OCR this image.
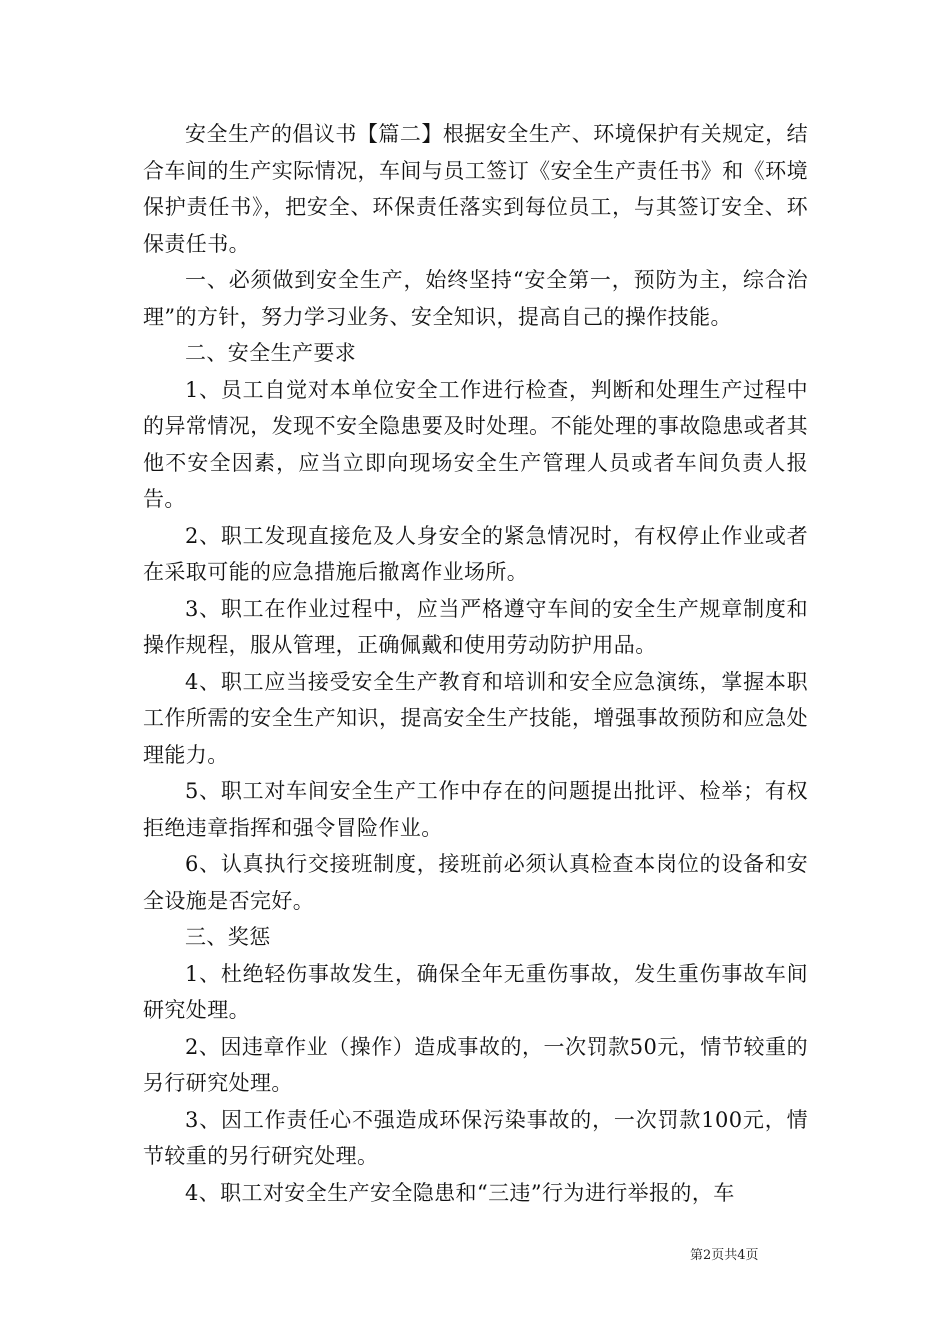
安全生产的倡议书【篇二】根据安全生产、环境保护有关规定，结合车间的生产实际情况，车间与员工签订《安全生产责任书》和《环境保护责任书》，把安全、环保责任落实到每位员工，与其签订安全、环保责任书。

一、必须做到安全生产，始终坚持“安全第一，预防为主，综合治理”的方针，努力学习业务、安全知识，提高自己的操作技能。

二、安全生产要求

1、员工自觉对本单位安全工作进行检查，判断和处理生产过程中的异常情况，发现不安全隐患要及时处理。不能处理的事故隐患或者其他不安全因素，应当立即向现场安全生产管理人员或者车间负责人报告。

2、职工发现直接危及人身安全的紧急情况时，有权停止作业或者在采取可能的应急措施后撤离作业场所。

3、职工在作业过程中，应当严格遵守车间的安全生产规章制度和操作规程，服从管理，正确佩戴和使用劳动防护用品。

4、职工应当接受安全生产教育和培训和安全应急演练，掌握本职工作所需的安全生产知识，提高安全生产技能，增强事故预防和应急处理能力。

5、职工对车间安全生产工作中存在的问题提出批评、检举；有权拒绝违章指挥和强令冒险作业。

6、认真执行交接班制度，接班前必须认真检查本岗位的设备和安全设施是否完好。

三、奖惩

1、杜绝轻伤事故发生，确保全年无重伤事故，发生重伤事故车间研究处理。

2、因违章作业（操作）造成事故的，一次罚款50元，情节较重的另行研究处理。

3、因工作责任心不强造成环保污染事故的，一次罚款100元，情节较重的另行研究处理。

4、职工对安全生产安全隐患和“三违”行为进行举报的，车

第2页共4页
